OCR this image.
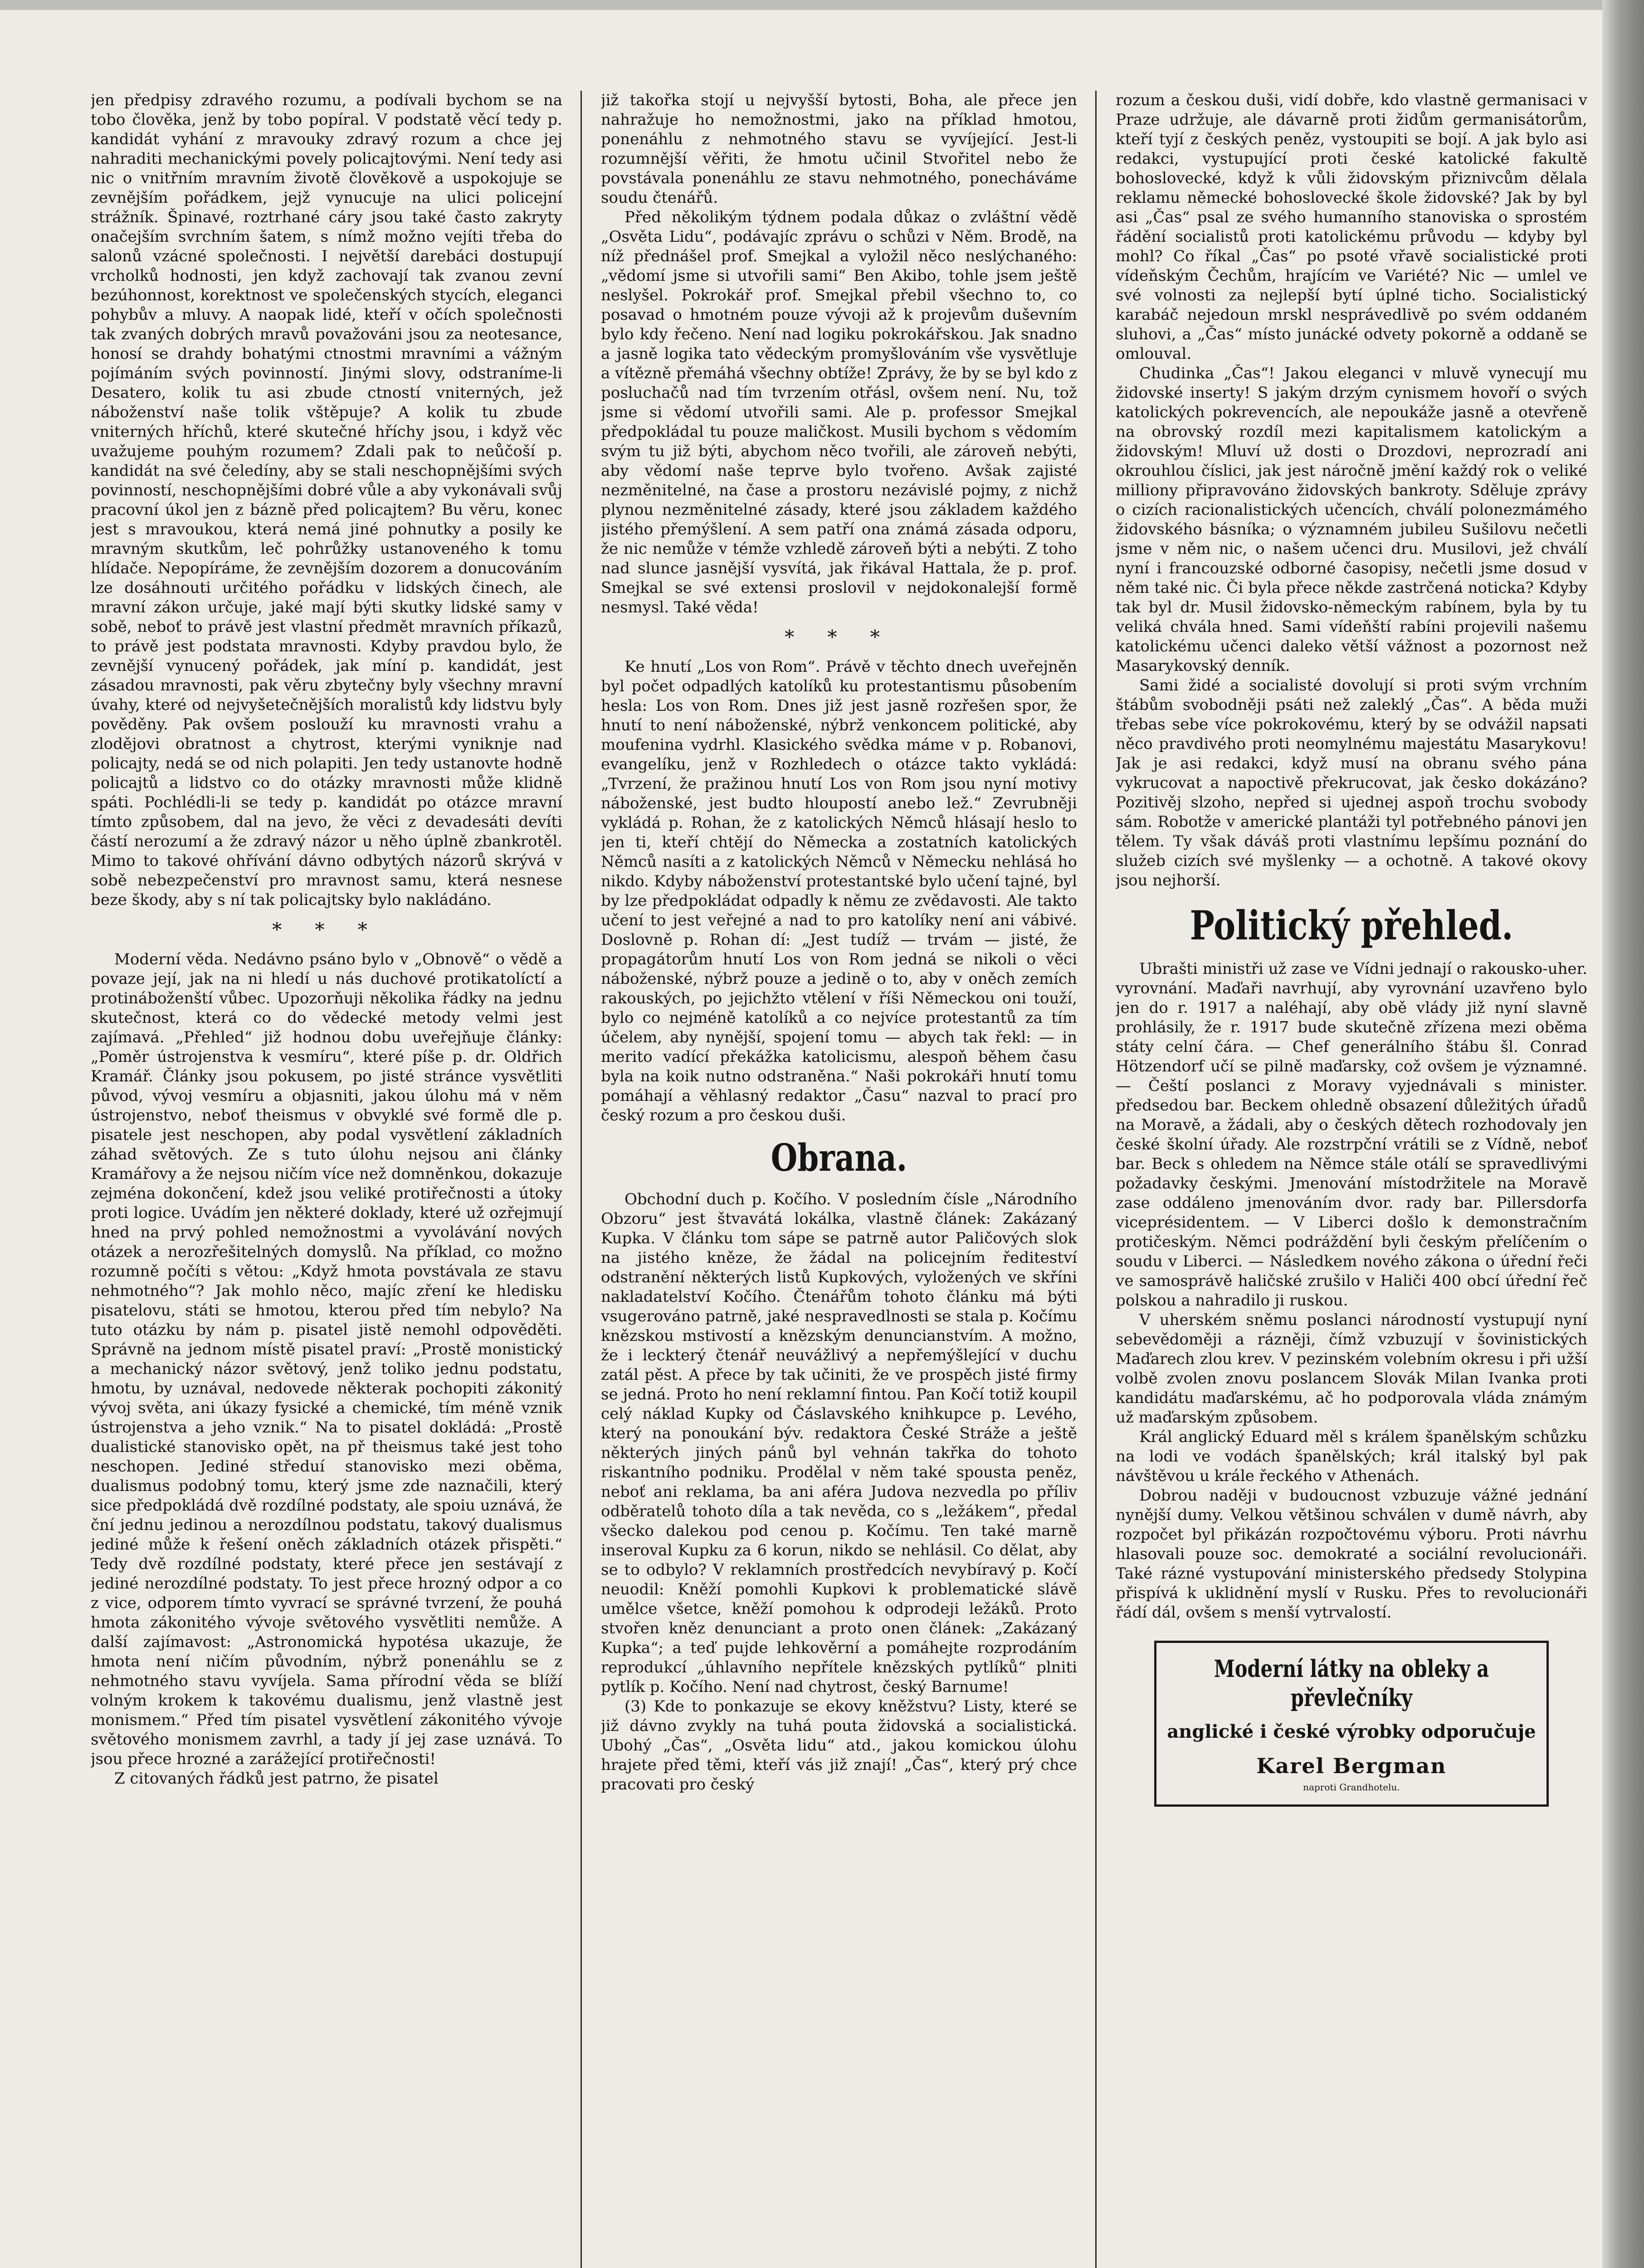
jen předpisy zdravého rozumu, a podívali bychom se na tobo člověka, jenž by tobo popíral. V podstatě věcí tedy p. kandidát vyhání z mravouky zdravý rozum a chce jej nahraditi mechanickými povely policajtovými. Není tedy asi nic o vnitřním mravním životě člověkově a uspokojuje se zevnějším pořádkem, jejž vynucuje na ulici policejní strážník. Špinavé, roztrhané cáry jsou také často zakryty onačejším svrchním šatem, s nímž možno vejíti třeba do salonů vzácné společnosti. I největší darebáci dostupují vrcholků hodnosti, jen když zachovají tak zvanou zevní bezúhonnost, korektnost ve společenských stycích, eleganci pohybův a mluvy. A naopak lidé, kteří v očích společnosti tak zvaných dobrých mravů považováni jsou za neotesance, honosí se drahdy bohatými ctnostmi mravními a vážným pojímáním svých povinností. Jinými slovy, odstraníme-li Desatero, kolik tu asi zbude ctností vniterných, jež náboženství naše tolik vštěpuje? A kolik tu zbude vniterných hříchů, které skutečné hříchy jsou, i když věc uvažujeme pouhým rozumem? Zdali pak to neůčoší p. kandidát na své čeledíny, aby se stali neschopnějšími svých povinností, neschopnějšími dobré vůle a aby vykonávali svůj pracovní úkol jen z bázně před policajtem? Bu věru, konec jest s mravoukou, která nemá jiné pohnutky a posily ke mravným skutkům, leč pohrůžky ustanoveného k tomu hlídače. Nepopíráme, že zevnějším dozorem a donucováním lze dosáhnouti určitého pořádku v lidských činech, ale mravní zákon určuje, jaké mají býti skutky lidské samy v sobě, neboť to právě jest vlastní předmět mravních příkazů, to právě jest podstata mravnosti. Kdyby pravdou bylo, že zevnější vynucený pořádek, jak míní p. kandidát, jest zásadou mravnosti, pak věru zbytečny byly všechny mravní úvahy, které od nejvyšetečnějších moralistů kdy lidstvu byly pověděny. Pak ovšem poslouží ku mravnosti vrahu a zlodějovi obratnost a chytrost, kterými vyniknje nad policajty, nedá se od nich polapiti. Jen tedy ustanovte hodně policajtů a lidstvo co do otázky mravnosti může klidně spáti. Pochlédli-li se tedy p. kandidát po otázce mravní tímto způsobem, dal na jevo, že věci z devadesáti devíti částí nerozumí a že zdravý názor u něho úplně zbankrotěl. Mimo to takové ohřívání dávno odbytých názorů skrývá v sobě nebezpečenství pro mravnost samu, která nesnese beze škody, aby s ní tak policajtsky bylo nakládáno.

* * *

Moderní věda. Nedávno psáno bylo v „Obnově“ o vědě a povaze její, jak na ni hledí u nás duchové protikatolíctí a protináboženští vůbec. Upozorňuji několika řádky na jednu skutečnost, která co do vědecké metody velmi jest zajímavá. „Přehled“ již hodnou dobu uveřejňuje články: „Poměr ústrojenstva k vesmíru“, které píše p. dr. Oldřich Kramář. Články jsou pokusem, po jisté stránce vysvětliti původ, vývoj vesmíru a objasniti, jakou úlohu má v něm ústrojenstvo, neboť theismus v obvyklé své formě dle p. pisatele jest neschopen, aby podal vysvětlení základních záhad světových. Ze s tuto úlohu nejsou ani články Kramářovy a že nejsou ničím více než domněnkou, dokazuje zejména dokončení, kdež jsou veliké protiřečnosti a útoky proti logice. Uvádím jen některé doklady, které už ozřejmují hned na prvý pohled nemožnostmi a vyvolávání nových otázek a nerozřešitelných domyslů. Na příklad, co možno rozumně počíti s větou: „Když hmota povstávala ze stavu nehmotného“? Jak mohlo něco, majíc zření ke hledisku pisatelovu, státi se hmotou, kterou před tím nebylo? Na tuto otázku by nám p. pisatel jistě nemohl odpověděti. Správně na jednom místě pisatel praví: „Prostě monistický a mechanický názor světový, jenž toliko jednu podstatu, hmotu, by uznával, nedovede některak pochopiti zákonitý vývoj světa, ani úkazy fysické a chemické, tím méně vznik ústrojenstva a jeho vznik.“ Na to pisatel dokládá: „Prostě dualistické stanovisko opět, na př theismus také jest toho neschopen. Jediné středuí stanovisko mezi oběma, dualismus podobný tomu, který jsme zde naznačili, který sice předpokládá dvě rozdílné podstaty, ale spoiu uznává, že ční jednu jedinou a nerozdílnou podstatu, takový dualismus jediné může k řešení oněch základních otázek přispěti.“ Tedy dvě rozdílné podstaty, které přece jen sestávají z jediné nerozdílné podstaty. To jest přece hrozný odpor a co z vice, odporem tímto vyvrací se správné tvrzení, že pouhá hmota zákonitého vývoje světového vysvětliti nemůže. A další zajímavost: „Astronomická hypotésa ukazuje, že hmota není ničím původním, nýbrž ponenáhlu se z nehmotného stavu vyvíjela. Sama přírodní věda se blíží volným krokem k takovému dualismu, jenž vlastně jest monismem.“ Před tím pisatel vysvětlení zákonitého vývoje světového monismem zavrhl, a tady jí jej zase uznává. To jsou přece hrozné a zarážející protiřečnosti!

Z citovaných řádků jest patrno, že pisatel

již takořka stojí u nejvyšší bytosti, Boha, ale přece jen nahražuje ho nemožnostmi, jako na příklad hmotou, ponenáhlu z nehmotného stavu se vyvíjející. Jest-li rozumnější věřiti, že hmotu učinil Stvořitel nebo že povstávala ponenáhlu ze stavu nehmotného, ponecháváme soudu čtenářů.

Před několikým týdnem podala důkaz o zvláštní vědě „Osvěta Lidu“, podávajíc zprávu o schůzi v Něm. Brodě, na níž přednášel prof. Smejkal a vyložil něco neslýchaného: „vědomí jsme si utvořili sami“ Ben Akibo, tohle jsem ještě neslyšel. Pokrokář prof. Smejkal přebil všechno to, co posavad o hmotném pouze vývoji až k projevům duševním bylo kdy řečeno. Není nad logiku pokrokářskou. Jak snadno a jasně logika tato vědeckým promyšlováním vše vysvětluje a vítězně přemáhá všechny obtíže! Zprávy, že by se byl kdo z posluchačů nad tím tvrzením otřásl, ovšem není. Nu, tož jsme si vědomí utvořili sami. Ale p. professor Smejkal předpokládal tu pouze maličkost. Musili bychom s vědomím svým tu již býti, abychom něco tvořili, ale zároveň nebýti, aby vědomí naše teprve bylo tvořeno. Avšak zajisté nezměnitelné, na čase a prostoru nezávislé pojmy, z nichž plynou nezměnitelné zásady, které jsou základem každého jistého přemýšlení. A sem patří ona známá zásada odporu, že nic nemůže v témže vzhledě zároveň býti a nebýti. Z toho nad slunce jasnější vysvítá, jak řikával Hattala, že p. prof. Smejkal se své extensi proslovil v nejdokonalejší formě nesmysl. Také věda!

* * *

Ke hnutí „Los von Rom“. Právě v těchto dnech uveřejněn byl počet odpadlých katolíků ku protestantismu působením hesla: Los von Rom. Dnes již jest jasně rozřešen spor, že hnutí to není náboženské, nýbrž venkoncem politické, aby moufenina vydrhl. Klasického svědka máme v p. Robanovi, evangelíku, jenž v Rozhledech o otázce takto vykládá: „Tvrzení, že pražinou hnutí Los von Rom jsou nyní motivy náboženské, jest budto hloupostí anebo lež.“ Zevrubněji vykládá p. Rohan, že z katolických Němců hlásají heslo to jen ti, kteří chtějí do Německa a zostatních katolických Němců nasíti a z katolických Němců v Německu nehlásá ho nikdo. Kdyby náboženství protestantské bylo učení tajné, byl by lze předpokládat odpadly k němu ze zvědavosti. Ale takto učení to jest veřejné a nad to pro katolíky není ani vábivé. Doslovně p. Rohan dí: „Jest tudíž — trvám — jisté, že propagátorům hnutí Los von Rom jedná se nikoli o věci náboženské, nýbrž pouze a jedině o to, aby v oněch zemích rakouských, po jejichžto vtělení v říši Německou oni touží, bylo co nejméně katolíků a co nejvíce protestantů za tím účelem, aby nynější, spojení tomu — abych tak řekl: — in merito vadící překážka katolicismu, alespoň během času byla na koik nutno odstraněna.“ Naši pokrokáři hnutí tomu pomáhají a věhlasný redaktor „Času“ nazval to prací pro český rozum a pro českou duši.

Obrana.

Obchodní duch p. Kočího. V posledním čísle „Národního Obzoru“ jest štvavátá lokálka, vlastně článek: Zakázaný Kupka. V článku tom sápe se patrně autor Paličových slok na jistého kněze, že žádal na policejním řediteství odstranění některých listů Kupkových, vyložených ve skříni nakladatelství Kočího. Čtenářům tohoto článku má býti vsugerováno patrně, jaké nespravedlnosti se stala p. Kočímu knězskou mstivostí a knězským denuncianstvím. A možno, že i leckterý čtenář neuvážlivý a nepřemýšlející v duchu zatál pěst. A přece by tak učiniti, že ve prospěch jisté firmy se jedná. Proto ho není reklamní fintou. Pan Kočí totiž koupil celý náklad Kupky od Čáslavského knihkupce p. Levého, který na ponoukání býv. redaktora České Stráže a ještě některých jiných pánů byl vehnán takřka do tohoto riskantního podniku. Prodělal v něm také spousta peněz, neboť ani reklama, ba ani aféra Judova nezvedla po příliv odběratelů tohoto díla a tak nevěda, co s „ležákem“, předal všecko dalekou pod cenou p. Kočímu. Ten také marně inseroval Kupku za 6 korun, nikdo se nehlásil. Co dělat, aby se to odbylo? V reklamních prostředcích nevybíravý p. Kočí neuodil: Kněží pomohli Kupkovi k problematické slávě umělce všetce, kněží pomohou k odprodeji ležáků. Proto stvořen kněz denunciant a proto onen článek: „Zakázaný Kupka“; a teď pujde lehkověrní a pomáhejte rozprodáním reprodukcí „úhlavního nepřítele knězských pytlíků“ plniti pytlík p. Kočího. Není nad chytrost, český Barnume!

(3) Kde to ponkazuje se ekovy kněžstvu? Listy, které se již dávno zvykly na tuhá pouta židovská a socialistická. Ubohý „Čas“, „Osvěta lidu“ atd., jakou komickou úlohu hrajete před těmi, kteří vás již znají! „Čas“, který prý chce pracovati pro český

rozum a českou duši, vidí dobře, kdo vlastně germanisaci v Praze udržuje, ale dávarně proti židům germanisátorům, kteří tyjí z českých peněz, vystoupiti se bojí. A jak bylo asi redakci, vystupující proti české katolické fakultě bohoslovecké, když k vůli židovským přiznivcům dělala reklamu německé bohoslovecké škole židovské? Jak by byl asi „Čas“ psal ze svého humanního stanoviska o sprostém řádění socialistů proti katolickému průvodu — kdyby byl mohl? Co říkal „Čas“ po psoté vřavě socialistické proti vídeňským Čechům, hrajícím ve Variété? Nic — umlel ve své volnosti za nejlepší bytí úplné ticho. Socialistický karabáč nejedoun mrskl nesprávedlivě po svém oddaném sluhovi, a „Čas“ místo junácké odvety pokorně a oddaně se omlouval.

Chudinka „Čas“! Jakou eleganci v mluvě vynecují mu židovské inserty! S jakým drzým cynismem hovoří o svých katolických pokrevencích, ale nepoukáže jasně a otevřeně na obrovský rozdíl mezi kapitalismem katolickým a židovským! Mluví už dosti o Drozdovi, neprozradí ani okrouhlou číslici, jak jest náročně jmění každý rok o veliké milliony připravováno židovských bankroty. Sděluje zprávy o cizích racionalistických učencích, chválí polonezmámého židovského básníka; o významném jubileu Sušilovu nečetli jsme v něm nic, o našem učenci dru. Musilovi, jež chválí nyní i francouzské odborné časopisy, nečetli jsme dosud v něm také nic. Či byla přece někde zastrčená noticka? Kdyby tak byl dr. Musil židovsko-německým rabínem, byla by tu veliká chvála hned. Sami vídeňští rabíni projevili našemu katolickému učenci daleko větší vážnost a pozornost než Masarykovský denník.

Sami židé a socialisté dovolují si proti svým vrchním štábům svobodněji psáti než zaleklý „Čas“. A běda muži třebas sebe více pokrokovému, který by se odvážil napsati něco pravdivého proti neomylnému majestátu Masarykovu! Jak je asi redakci, když musí na obranu svého pána vykrucovat a napoctivě překrucovat, jak česko dokázáno? Pozitivěj slzoho, nepřed si ujednej aspoň trochu svobody sám. Robotže v americké plantáži tyl potřebného pánovi jen tělem. Ty však dáváš proti vlastnímu lepšímu poznání do služeb cizích své myšlenky — a ochotně. A takové okovy jsou nejhorší.

Politický přehled.

Ubrašti ministři už zase ve Vídni jednají o rakousko-uher. vyrovnání. Maďaři navrhují, aby vyrovnání uzavřeno bylo jen do r. 1917 a naléhají, aby obě vlády již nyní slavně prohlásily, že r. 1917 bude skutečně zřízena mezi oběma státy celní čára. — Chef generálního štábu šl. Conrad Hötzendorf učí se pilně maďarsky, což ovšem je významné. — Čeští poslanci z Moravy vyjednávali s minister. předsedou bar. Beckem ohledně obsazení důležitých úřadů na Moravě, a žádali, aby o českých dětech rozhodovaly jen české školní úřady. Ale rozstrpční vrátili se z Vídně, neboť bar. Beck s ohledem na Němce stále otálí se spravedlivými požadavky českými. Jmenování místodržitele na Moravě zase oddáleno jmenováním dvor. rady bar. Pillersdorfa viceprésidentem. — V Liberci došlo k demonstračním protičeským. Němci podráždění byli českým přelíčením o soudu v Liberci. — Následkem nového zákona o úřední řeči ve samosprávě haličské zrušilo v Haliči 400 obcí úřední řeč polskou a nahradilo ji ruskou.

V uherském sněmu poslanci národností vystupují nyní sebevědoměji a rázněji, čímž vzbuzují v šovinistických Maďarech zlou krev. V pezinském volebním okresu i při užší volbě zvolen znovu poslancem Slovák Milan Ivanka proti kandidátu maďarskému, ač ho podporovala vláda známým už maďarským způsobem.

Král anglický Eduard měl s králem španělským schůzku na lodi ve vodách španělských; král italský byl pak návštěvou u krále řeckého v Athenách.

Dobrou naději v budoucnost vzbuzuje vážné jednání nynější dumy. Velkou většinou schválen v dumě návrh, aby rozpočet byl přikázán rozpočtovému výboru. Proti návrhu hlasovali pouze soc. demokraté a sociální revolucionáři. Také rázné vystupování ministerského předsedy Stolypina přispívá k uklidnění myslí v Rusku. Přes to revolucionáři řádí dál, ovšem s menší vytrvalostí.

Moderní látky na obleky a převlečníky
anglické i české výrobky odporučuje
Karel Bergman
naproti Grandhotelu.
